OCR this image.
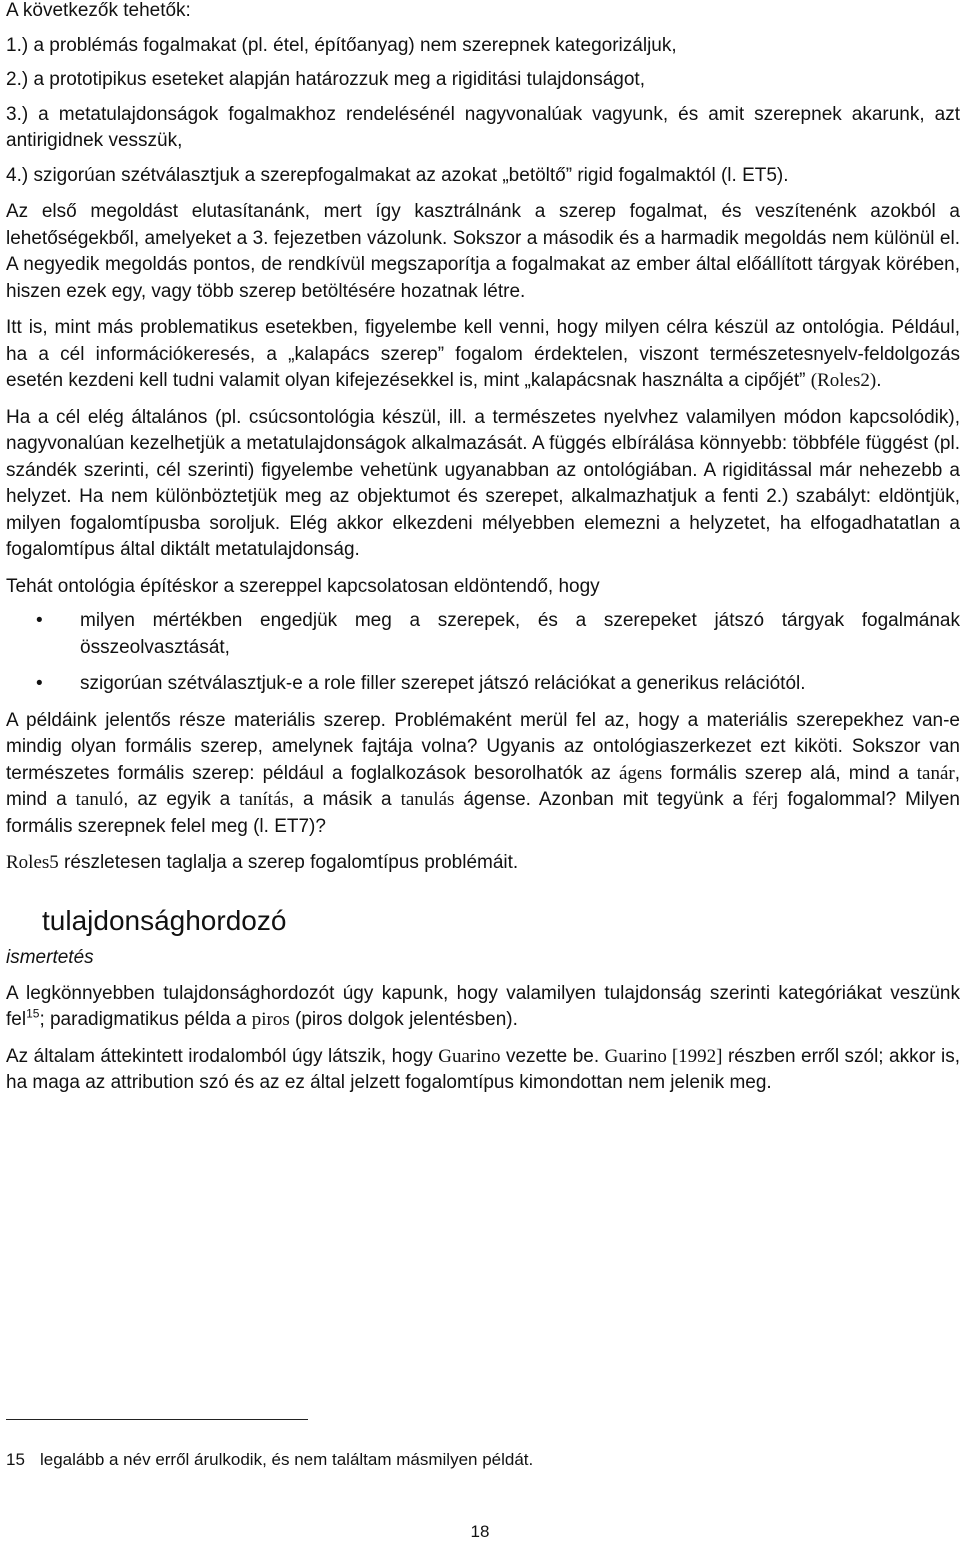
A következők tehetők:

1.) a problémás fogalmakat (pl. étel, építőanyag) nem szerepnek kategorizáljuk,

2.) a prototipikus eseteket alapján határozzuk meg a rigiditási tulajdonságot,

3.) a metatulajdonságok fogalmakhoz rendelésénél nagyvonalúak vagyunk, és amit szerepnek akarunk, azt antirigidnek vesszük,

4.) szigorúan szétválasztjuk a szerepfogalmakat az azokat „betöltő” rigid fogalmaktól (l. ET5).

Az első megoldást elutasítanánk, mert így kasztrálnánk a szerep fogalmat, és veszítenénk azokból a lehetőségekből, amelyeket a 3. fejezetben vázolunk. Sokszor a második és a harmadik megoldás nem különül el. A negyedik megoldás pontos, de rendkívül megszaporítja a fogalmakat az ember által előállított tárgyak körében, hiszen ezek egy, vagy több szerep betöltésére hozatnak létre.

Itt is, mint más problematikus esetekben, figyelembe kell venni, hogy milyen célra készül az ontológia. Például, ha a cél információkeresés, a „kalapács szerep” fogalom érdektelen, viszont természetesnyelv-feldolgozás esetén kezdeni kell tudni valamit olyan kifejezésekkel is, mint „kalapácsnak használta a cipőjét” (Roles2).

Ha a cél elég általános (pl. csúcsontológia készül, ill. a természetes nyelvhez valamilyen módon kapcsolódik), nagyvonalúan kezelhetjük a metatulajdonságok alkalmazását. A függés elbírálása könnyebb: többféle függést (pl. szándék szerinti, cél szerinti) figyelembe vehetünk ugyanabban az ontológiában. A rigiditással már nehezebb a helyzet. Ha nem különböztetjük meg az objektumot és szerepet, alkalmazhatjuk a fenti 2.) szabályt: eldöntjük, milyen fogalomtípusba soroljuk. Elég akkor elkezdeni mélyebben elemezni a helyzetet, ha elfogadhatatlan a fogalomtípus által diktált metatulajdonság.

Tehát ontológia építéskor a szereppel kapcsolatosan eldöntendő, hogy

• milyen mértékben engedjük meg a szerepek, és a szerepeket játszó tárgyak fogalmának összeolvasztását,
• szigorúan szétválasztjuk-e a role filler szerepet játszó relációkat a generikus relációtól.

A példáink jelentős része materiális szerep. Problémaként merül fel az, hogy a materiális szerepekhez van-e mindig olyan formális szerep, amelynek fajtája volna? Ugyanis az ontológiaszerkezet ezt kiköti. Sokszor van természetes formális szerep: például a foglalkozások besorolhatók az ágens formális szerep alá, mind a tanár, mind a tanuló, az egyik a tanítás, a másik a tanulás ágense. Azonban mit tegyünk a férj fogalommal? Milyen formális szerepnek felel meg (l. ET7)?

Roles5 részletesen taglalja a szerep fogalomtípus problémáit.

tulajdonsághordozó
ismertetés

A legkönnyebben tulajdonsághordozót úgy kapunk, hogy valamilyen tulajdonság szerinti kategóriákat veszünk fel$^{15}$; paradigmatikus példa a piros (piros dolgok jelentésben).

Az általam áttekintett irodalomból úgy látszik, hogy Guarino vezette be. Guarino [1992] részben erről szól; akkor is, ha maga az attribution szó és az ez által jelzett fogalomtípus kimondottan nem jelenik meg.

15 legalább a név erről árulkodik, és nem találtam másmilyen példát.
18
